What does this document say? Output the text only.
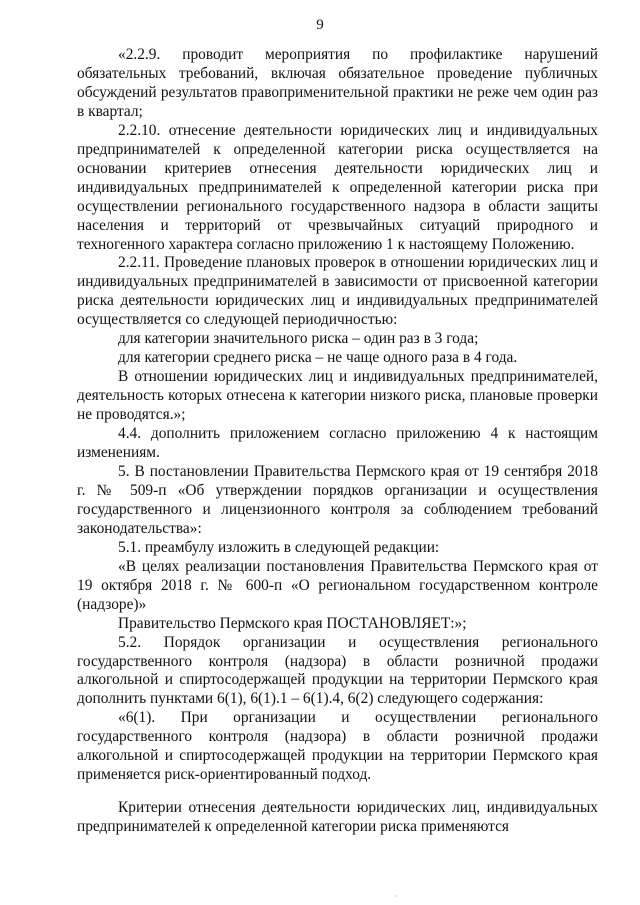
9

«2.2.9. проводит мероприятия по профилактике нарушений обязательных требований, включая обязательное проведение публичных обсуждений результатов правоприменительной практики не реже чем один раз в квартал;

2.2.10. отнесение деятельности юридических лиц и индивидуальных предпринимателей к определенной категории риска осуществляется на основании критериев отнесения деятельности юридических лиц и индивидуальных предпринимателей к определенной категории риска при осуществлении регионального государственного надзора в области защиты населения и территорий от чрезвычайных ситуаций природного и техногенного характера согласно приложению 1 к настоящему Положению.

2.2.11. Проведение плановых проверок в отношении юридических лиц и индивидуальных предпринимателей в зависимости от присвоенной категории риска деятельности юридических лиц и индивидуальных предпринимателей осуществляется со следующей периодичностью:

для категории значительного риска – один раз в 3 года;

для категории среднего риска – не чаще одного раза в 4 года.

В отношении юридических лиц и индивидуальных предпринимателей, деятельность которых отнесена к категории низкого риска, плановые проверки не проводятся.»;

4.4. дополнить приложением согласно приложению 4 к настоящим изменениям.

5. В постановлении Правительства Пермского края от 19 сентября 2018 г. № 509-п «Об утверждении порядков организации и осуществления государственного и лицензионного контроля за соблюдением требований законодательства»:

5.1. преамбулу изложить в следующей редакции:

«В целях реализации постановления Правительства Пермского края от 19 октября 2018 г. № 600-п «О региональном государственном контроле (надзоре)»

Правительство Пермского края ПОСТАНОВЛЯЕТ:»;

5.2. Порядок организации и осуществления регионального государственного контроля (надзора) в области розничной продажи алкогольной и спиртосодержащей продукции на территории Пермского края дополнить пунктами 6(1), 6(1).1 – 6(1).4, 6(2) следующего содержания:

«6(1). При организации и осуществлении регионального государственного контроля (надзора) в области розничной продажи алкогольной и спиртосодержащей продукции на территории Пермского края применяется риск-ориентированный подход.

Критерии отнесения деятельности юридических лиц, индивидуальных предпринимателей к определенной категории риска применяются

·
